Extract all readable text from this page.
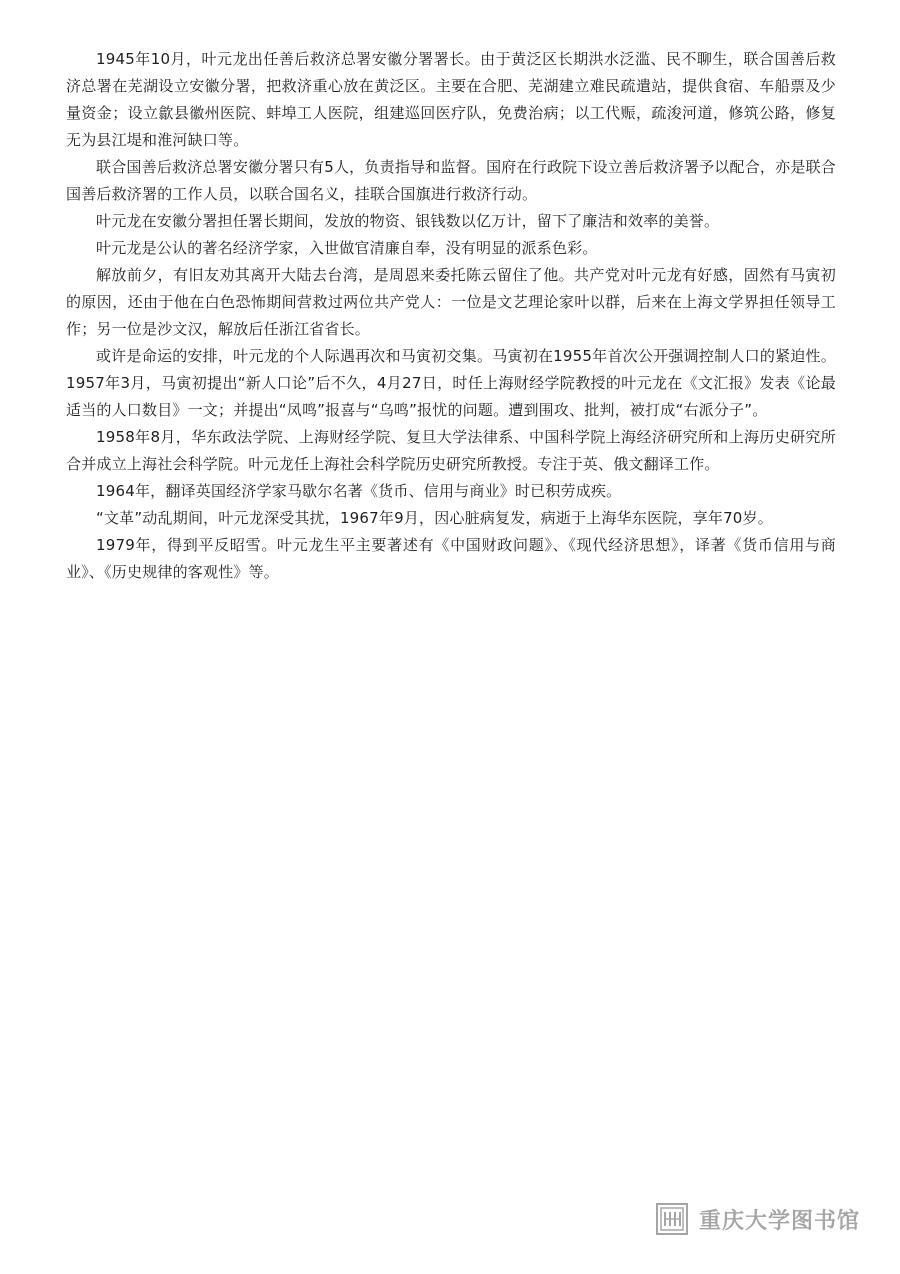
1945年10月，叶元龙出任善后救济总署安徽分署署长。由于黄泛区长期洪水泛滥、民不聊生，联合国善后救济总署在芜湖设立安徽分署，把救济重心放在黄泛区。主要在合肥、芜湖建立难民疏遣站，提供食宿、车船票及少量资金；设立歙县徽州医院、蚌埠工人医院，组建巡回医疗队，免费治病；以工代赈，疏浚河道，修筑公路，修复无为县江堤和淮河缺口等。

联合国善后救济总署安徽分署只有5人，负责指导和监督。国府在行政院下设立善后救济署予以配合，亦是联合国善后救济署的工作人员，以联合国名义，挂联合国旗进行救济行动。

叶元龙在安徽分署担任署长期间，发放的物资、银钱数以亿万计，留下了廉洁和效率的美誉。

叶元龙是公认的著名经济学家，入世做官清廉自奉，没有明显的派系色彩。

解放前夕，有旧友劝其离开大陆去台湾，是周恩来委托陈云留住了他。共产党对叶元龙有好感，固然有马寅初的原因，还由于他在白色恐怖期间营救过两位共产党人：一位是文艺理论家叶以群，后来在上海文学界担任领导工作；另一位是沙文汉，解放后任浙江省省长。

或许是命运的安排，叶元龙的个人际遇再次和马寅初交集。马寅初在1955年首次公开强调控制人口的紧迫性。1957年3月，马寅初提出“新人口论”后不久，4月27日，时任上海财经学院教授的叶元龙在《文汇报》发表《论最适当的人口数目》一文；并提出“凤鸣”报喜与“乌鸣”报忧的问题。遭到围攻、批判，被打成“右派分子”。

1958年8月，华东政法学院、上海财经学院、复旦大学法律系、中国科学院上海经济研究所和上海历史研究所合并成立上海社会科学院。叶元龙任上海社会科学院历史研究所教授。专注于英、俄文翻译工作。

1964年，翻译英国经济学家马歇尔名著《货币、信用与商业》时已积劳成疾。

“文革”动乱期间，叶元龙深受其扰，1967年9月，因心脏病复发，病逝于上海华东医院，享年70岁。

1979年，得到平反昭雪。叶元龙生平主要著述有《中国财政问题》、《现代经济思想》，译著《货币信用与商业》、《历史规律的客观性》等。

重庆大学图书馆
